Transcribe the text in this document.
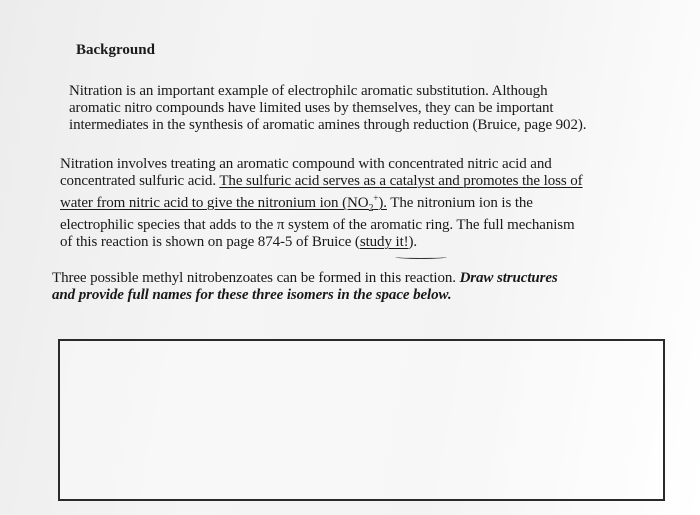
Background

Nitration is an important example of electrophilc aromatic substitution. Although
aromatic nitro compounds have limited uses by themselves, they can be important
intermediates in the synthesis of aromatic amines through reduction (Bruice, page 902).

Nitration involves treating an aromatic compound with concentrated nitric acid and
concentrated sulfuric acid. The sulfuric acid serves as a catalyst and promotes the loss of
water from nitric acid to give the nitronium ion $(NO_2^+)$. The nitronium ion is the
electrophilic species that adds to the π system of the aromatic ring. The full mechanism
of this reaction is shown on page 874-5 of Bruice (study it!).

Three possible methyl nitrobenzoates can be formed in this reaction. Draw structures
and provide full names for these three isomers in the space below.
